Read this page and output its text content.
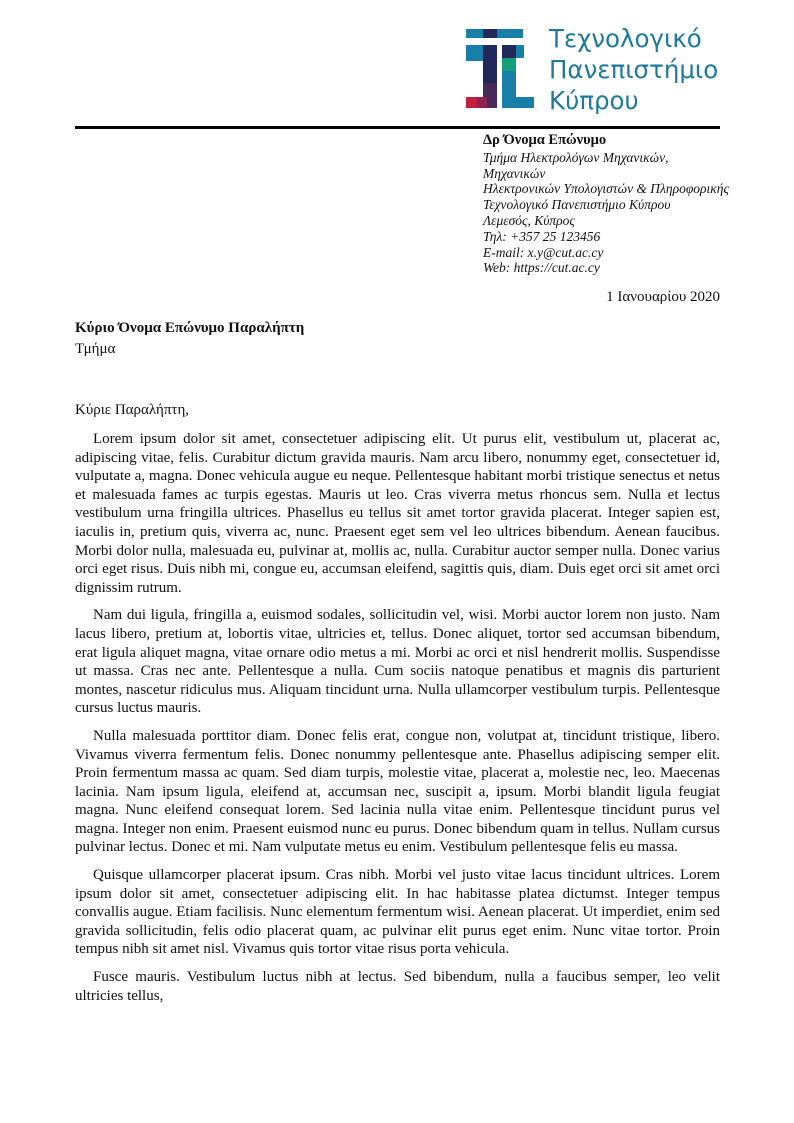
Τεχνολογικό
Πανεπιστήμιο
Κύπρου
Δρ Όνομα Επώνυμο
Τμήμα Ηλεκτρολόγων Μηχανικών, Μηχανικών
Ηλεκτρονικών Υπολογιστών & Πληροφορικής
Τεχνολογικό Πανεπιστήμιο Κύπρου
Λεμεσός, Κύπρος
Τηλ: +357 25 123456
E-mail: x.y@cut.ac.cy
Web: https://cut.ac.cy
1 Ιανουαρίου 2020
Κύριο Όνομα Επώνυμο Παραλήπτη
Τμήμα
Κύριε Παραλήπτη,

Lorem ipsum dolor sit amet, consectetuer adipiscing elit. Ut purus elit, vestibulum ut, placerat ac, adipiscing vitae, felis. Curabitur dictum gravida mauris. Nam arcu libero, nonummy eget, consectetuer id, vulputate a, magna. Donec vehicula augue eu neque. Pellentesque habitant morbi tristique senectus et netus et malesuada fames ac turpis egestas. Mauris ut leo. Cras viverra metus rhoncus sem. Nulla et lectus vestibulum urna fringilla ultrices. Phasellus eu tellus sit amet tortor gravida placerat. Integer sapien est, iaculis in, pretium quis, viverra ac, nunc. Praesent eget sem vel leo ultrices bibendum. Aenean faucibus. Morbi dolor nulla, malesuada eu, pulvinar at, mollis ac, nulla. Curabitur auctor semper nulla. Donec varius orci eget risus. Duis nibh mi, congue eu, accumsan eleifend, sagittis quis, diam. Duis eget orci sit amet orci dignissim rutrum.

Nam dui ligula, fringilla a, euismod sodales, sollicitudin vel, wisi. Morbi auctor lorem non justo. Nam lacus libero, pretium at, lobortis vitae, ultricies et, tellus. Donec aliquet, tortor sed accumsan bibendum, erat ligula aliquet magna, vitae ornare odio metus a mi. Morbi ac orci et nisl hendrerit mollis. Suspendisse ut massa. Cras nec ante. Pellentesque a nulla. Cum sociis natoque penatibus et magnis dis parturient montes, nascetur ridiculus mus. Aliquam tincidunt urna. Nulla ullamcorper vestibulum turpis. Pellentesque cursus luctus mauris.

Nulla malesuada porttitor diam. Donec felis erat, congue non, volutpat at, tincidunt tristique, libero. Vivamus viverra fermentum felis. Donec nonummy pellentesque ante. Phasellus adipiscing semper elit. Proin fermentum massa ac quam. Sed diam turpis, molestie vitae, placerat a, molestie nec, leo. Maecenas lacinia. Nam ipsum ligula, eleifend at, accumsan nec, suscipit a, ipsum. Morbi blandit ligula feugiat magna. Nunc eleifend consequat lorem. Sed lacinia nulla vitae enim. Pellentesque tincidunt purus vel magna. Integer non enim. Praesent euismod nunc eu purus. Donec bibendum quam in tellus. Nullam cursus pulvinar lectus. Donec et mi. Nam vulputate metus eu enim. Vestibulum pellentesque felis eu massa.

Quisque ullamcorper placerat ipsum. Cras nibh. Morbi vel justo vitae lacus tincidunt ultrices. Lorem ipsum dolor sit amet, consectetuer adipiscing elit. In hac habitasse platea dictumst. Integer tempus convallis augue. Etiam facilisis. Nunc elementum fermentum wisi. Aenean placerat. Ut imperdiet, enim sed gravida sollicitudin, felis odio placerat quam, ac pulvinar elit purus eget enim. Nunc vitae tortor. Proin tempus nibh sit amet nisl. Vivamus quis tortor vitae risus porta vehicula.

Fusce mauris. Vestibulum luctus nibh at lectus. Sed bibendum, nulla a faucibus semper, leo velit ultricies tellus,
